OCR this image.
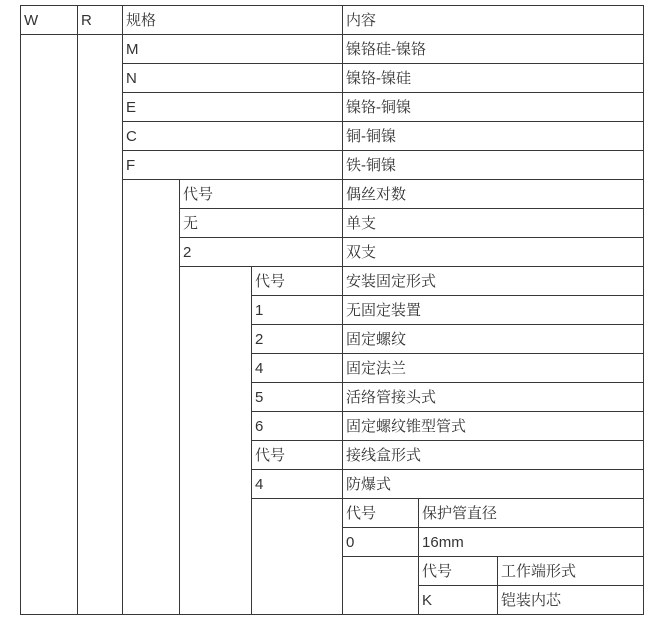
W	R	规格			内容		
		M			镍铬硅-镍铬		
		N			镍铬-镍硅		
		E			镍铬-铜镍		
		C			铜-铜镍		
		F			铁-铜镍		
			代号		偶丝对数		
			无		单支		
			2		双支		
				代号	安装固定形式		
				1	无固定装置		
				2	固定螺纹		
				4	固定法兰		
				5	活络管接头式		
				6	固定螺纹锥型管式		
				代号	接线盒形式		
				4	防爆式		
					代号	保护管直径	
					0	16mm	
						代号	工作端形式
						K	铠装内芯
